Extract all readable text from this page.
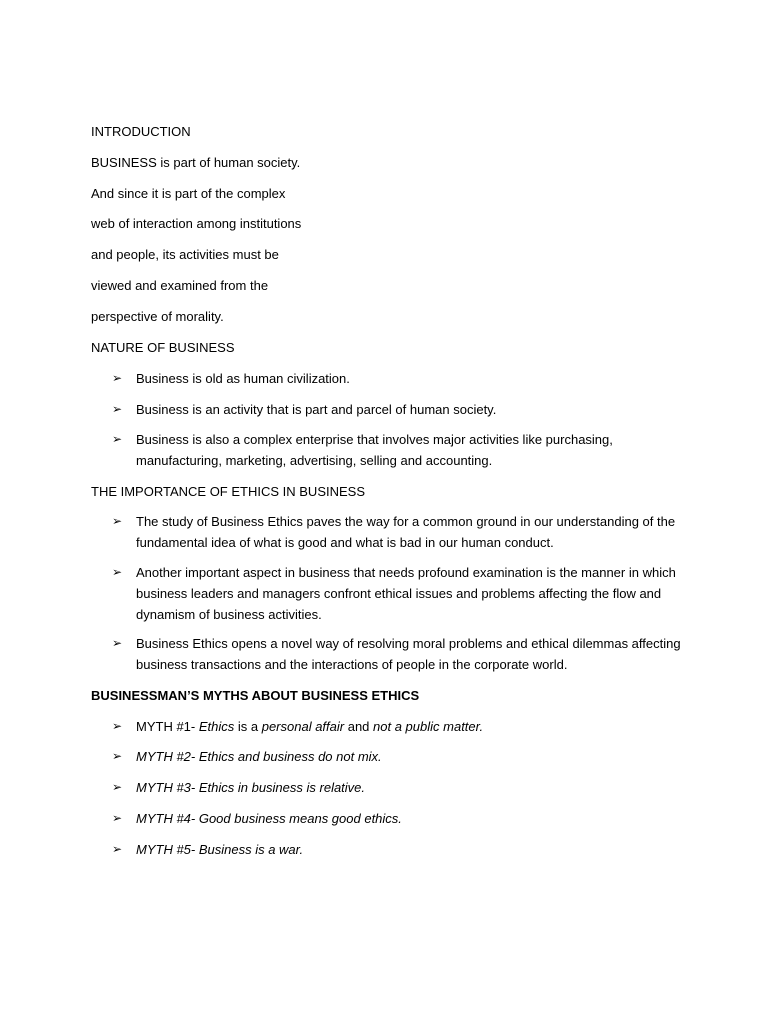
INTRODUCTION
BUSINESS is part of human society.
And since it is part of the complex
web of interaction among institutions
and people, its activities must be
viewed and examined from the
perspective of morality.
NATURE OF BUSINESS
➢	Business is old as human civilization.
➢	Business is an activity that is part and parcel of human society.
➢	Business is also a complex enterprise that involves major activities like purchasing, manufacturing, marketing, advertising, selling and accounting.
THE IMPORTANCE OF ETHICS IN BUSINESS
➢	The study of Business Ethics paves the way for a common ground in our understanding of the fundamental idea of what is good and what is bad in our human conduct.
➢	Another important aspect in business that needs profound examination is the manner in which business leaders and managers confront ethical issues and problems affecting the flow and dynamism of business activities.
➢	Business Ethics opens a novel way of resolving moral problems and ethical dilemmas affecting business transactions and the interactions of people in the corporate world.
BUSINESSMAN’S MYTHS ABOUT BUSINESS ETHICS
➢	MYTH #1- Ethics is a personal affair and not a public matter.
➢	MYTH #2- Ethics and business do not mix.
➢	MYTH #3- Ethics in business is relative.
➢	MYTH #4- Good business means good ethics.
➢	MYTH #5- Business is a war.
